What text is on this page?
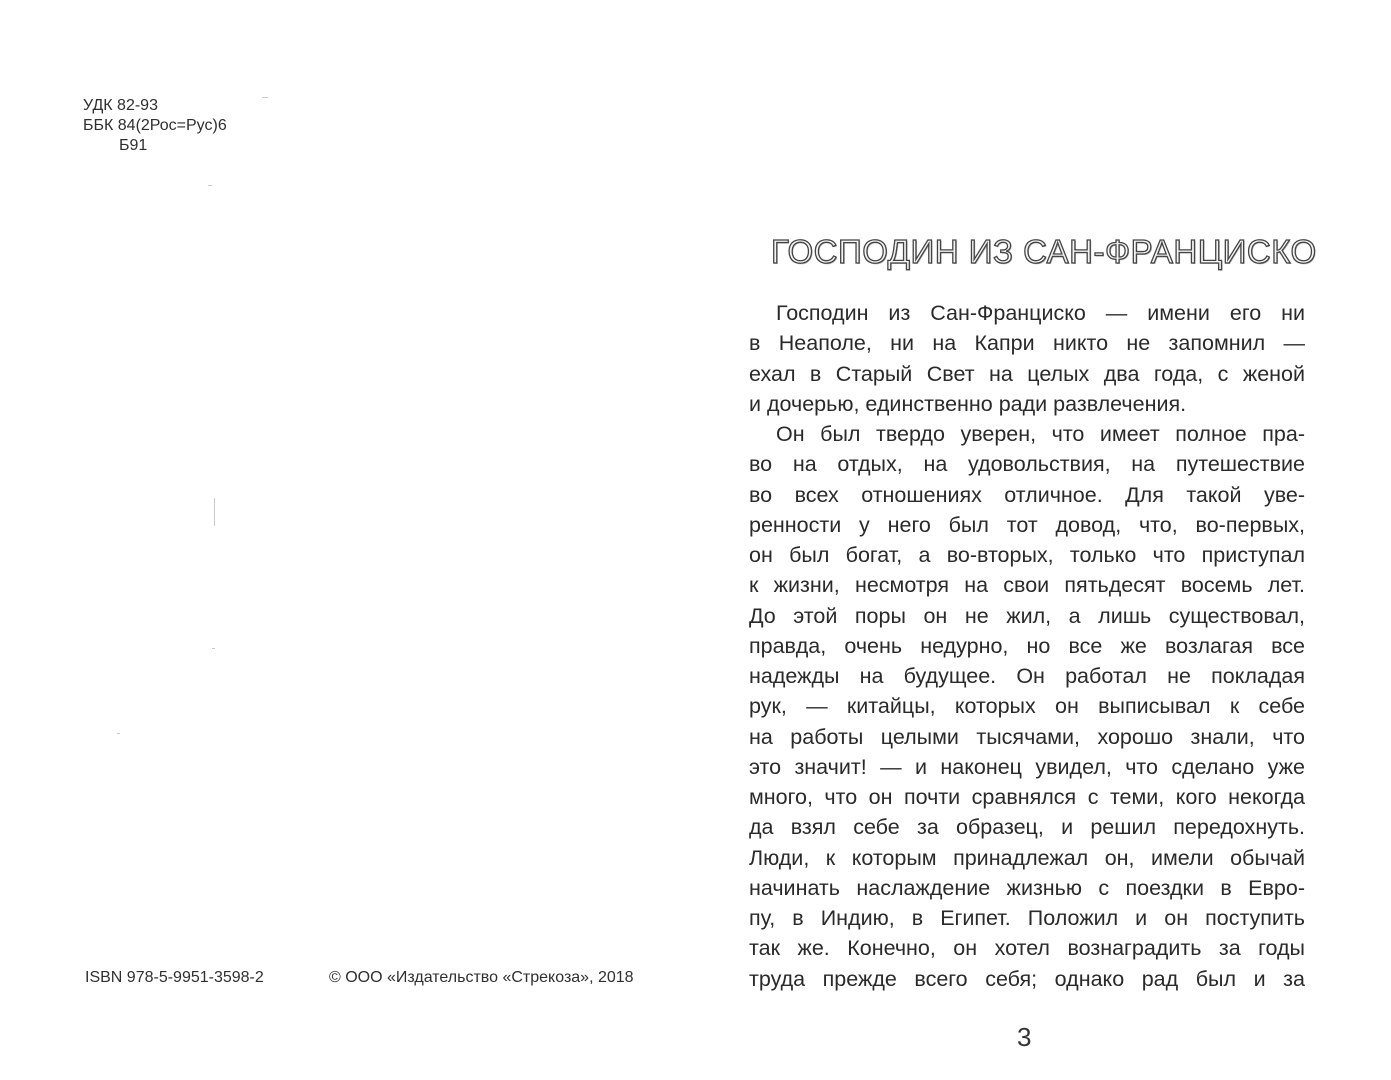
УДК 82-93
ББК 84(2Рос=Рус)6
Б91
ISBN 978-5-9951-3598-2	© ООО «Издательство «Стрекоза», 2018
ГОСПОДИН ИЗ САН-ФРАНЦИСКО
Господин из Сан-Франциско — имени его ни
в Неаполе, ни на Капри никто не запомнил —
ехал в Старый Свет на целых два года, с женой
и дочерью, единственно ради развлечения.
Он был твердо уверен, что имеет полное пра-
во на отдых, на удовольствия, на путешествие
во всех отношениях отличное. Для такой уве-
ренности у него был тот довод, что, во-первых,
он был богат, а во-вторых, только что приступал
к жизни, несмотря на свои пятьдесят восемь лет.
До этой поры он не жил, а лишь существовал,
правда, очень недурно, но все же возлагая все
надежды на будущее. Он работал не покладая
рук, — китайцы, которых он выписывал к себе
на работы целыми тысячами, хорошо знали, что
это значит! — и наконец увидел, что сделано уже
много, что он почти сравнялся с теми, кого некогда
да взял себе за образец, и решил передохнуть.
Люди, к которым принадлежал он, имели обычай
начинать наслаждение жизнью с поездки в Евро-
пу, в Индию, в Египет. Положил и он поступить
так же. Конечно, он хотел вознаградить за годы
труда прежде всего себя; однако рад был и за
3
